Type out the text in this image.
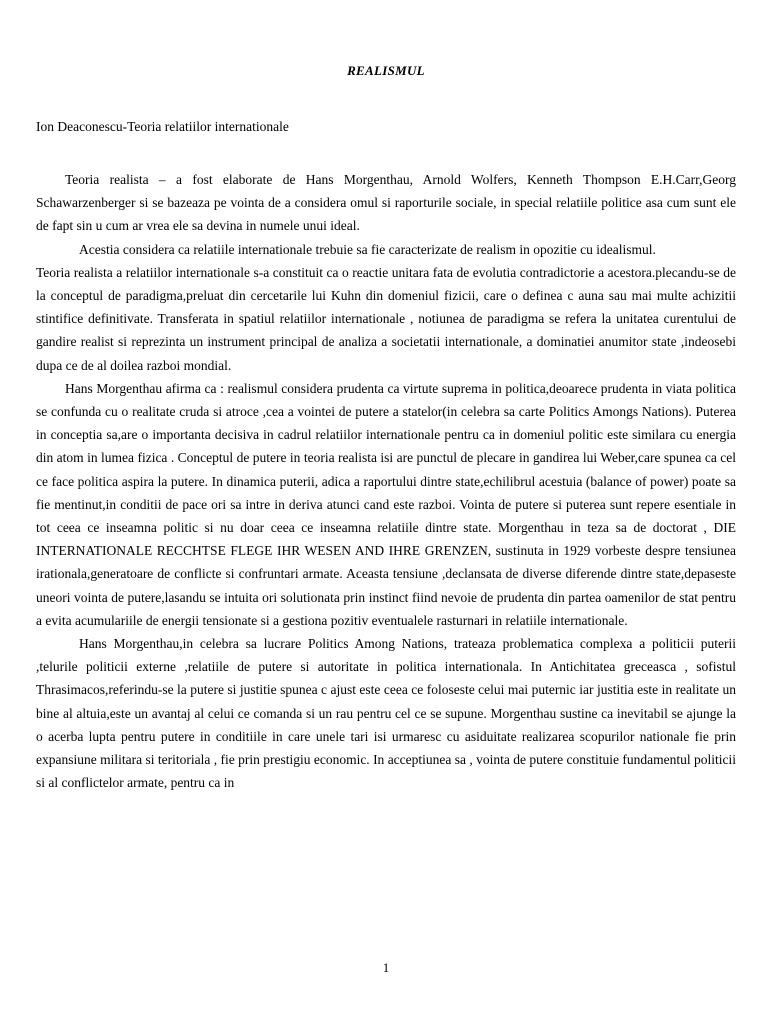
REALISMUL
Ion Deaconescu-Teoria relatiilor internationale

Teoria realista – a fost elaborate de Hans Morgenthau, Arnold Wolfers, Kenneth Thompson E.H.Carr,Georg Schawarzenberger si se bazeaza pe vointa de a considera omul si raporturile sociale, in special relatiile politice asa cum sunt ele de fapt sin u cum ar vrea ele sa devina in numele unui ideal.

Acestia considera ca relatiile internationale trebuie sa fie caracterizate de realism in opozitie cu idealismul.

Teoria realista a relatiilor internationale s-a constituit ca o reactie unitara fata de evolutia contradictorie a acestora.plecandu-se de la conceptul de paradigma,preluat din cercetarile lui Kuhn din domeniul fizicii, care o definea c auna sau mai multe achizitii stintifice definitivate. Transferata in spatiul relatiilor internationale , notiunea de paradigma se refera la unitatea curentului de gandire realist si reprezinta un instrument principal de analiza a societatii internationale, a dominatiei anumitor state ,indeosebi dupa ce de al doilea razboi mondial.

Hans Morgenthau afirma ca : realismul considera prudenta ca virtute suprema in politica,deoarece prudenta in viata politica se confunda cu o realitate cruda si atroce ,cea a vointei de putere a statelor(in celebra sa carte Politics Amongs Nations). Puterea in conceptia sa,are o importanta decisiva in cadrul relatiilor internationale pentru ca in domeniul politic este similara cu energia din atom in lumea fizica . Conceptul de putere in teoria realista isi are punctul de plecare in gandirea lui Weber,care spunea ca cel ce face politica aspira la putere. In dinamica puterii, adica a raportului dintre state,echilibrul acestuia (balance of power) poate sa fie mentinut,in conditii de pace ori sa intre in deriva atunci cand este razboi. Vointa de putere si puterea sunt repere esentiale in tot ceea ce inseamna politic si nu doar ceea ce inseamna relatiile dintre state. Morgenthau in teza sa de doctorat , DIE INTERNATIONALE RECCHTSE FLEGE IHR WESEN AND IHRE GRENZEN, sustinuta in 1929 vorbeste despre tensiunea irationala,generatoare de conflicte si confruntari armate. Aceasta tensiune ,declansata de diverse diferende dintre state,depaseste uneori vointa de putere,lasandu se intuita ori solutionata prin instinct fiind nevoie de prudenta din partea oamenilor de stat pentru a evita acumulariile de energii tensionate si a gestiona pozitiv eventualele rasturnari in relatiile internationale.

Hans Morgenthau,in celebra sa lucrare Politics Among Nations, trateaza problematica complexa a politicii puterii ,telurile politicii externe ,relatiile de putere si autoritate in politica internationala. In Antichitatea greceasca , sofistul Thrasimacos,referindu-se la putere si justitie spunea c ajust este ceea ce foloseste celui mai puternic iar justitia este in realitate un bine al altuia,este un avantaj al celui ce comanda si un rau pentru cel ce se supune. Morgenthau sustine ca inevitabil se ajunge la o acerba lupta pentru putere in conditiile in care unele tari isi urmaresc cu asiduitate realizarea scopurilor nationale fie prin expansiune militara si teritoriala , fie prin prestigiu economic. In acceptiunea sa , vointa de putere constituie fundamentul politicii si al conflictelor armate, pentru ca in

1
